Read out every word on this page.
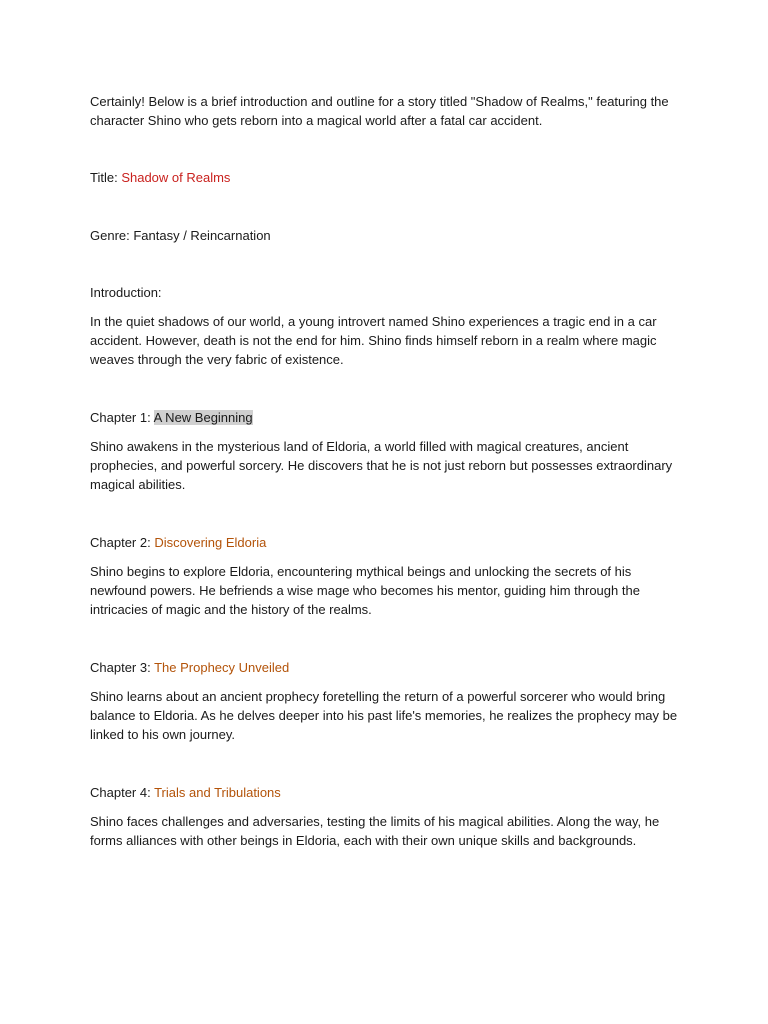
Certainly! Below is a brief introduction and outline for a story titled "Shadow of Realms," featuring the character Shino who gets reborn into a magical world after a fatal car accident.

Title: Shadow of Realms

Genre: Fantasy / Reincarnation

Introduction:

In the quiet shadows of our world, a young introvert named Shino experiences a tragic end in a car accident. However, death is not the end for him. Shino finds himself reborn in a realm where magic weaves through the very fabric of existence.

Chapter 1: A New Beginning

Shino awakens in the mysterious land of Eldoria, a world filled with magical creatures, ancient prophecies, and powerful sorcery. He discovers that he is not just reborn but possesses extraordinary magical abilities.

Chapter 2: Discovering Eldoria

Shino begins to explore Eldoria, encountering mythical beings and unlocking the secrets of his newfound powers. He befriends a wise mage who becomes his mentor, guiding him through the intricacies of magic and the history of the realms.

Chapter 3: The Prophecy Unveiled

Shino learns about an ancient prophecy foretelling the return of a powerful sorcerer who would bring balance to Eldoria. As he delves deeper into his past life's memories, he realizes the prophecy may be linked to his own journey.

Chapter 4: Trials and Tribulations

Shino faces challenges and adversaries, testing the limits of his magical abilities. Along the way, he forms alliances with other beings in Eldoria, each with their own unique skills and backgrounds.
